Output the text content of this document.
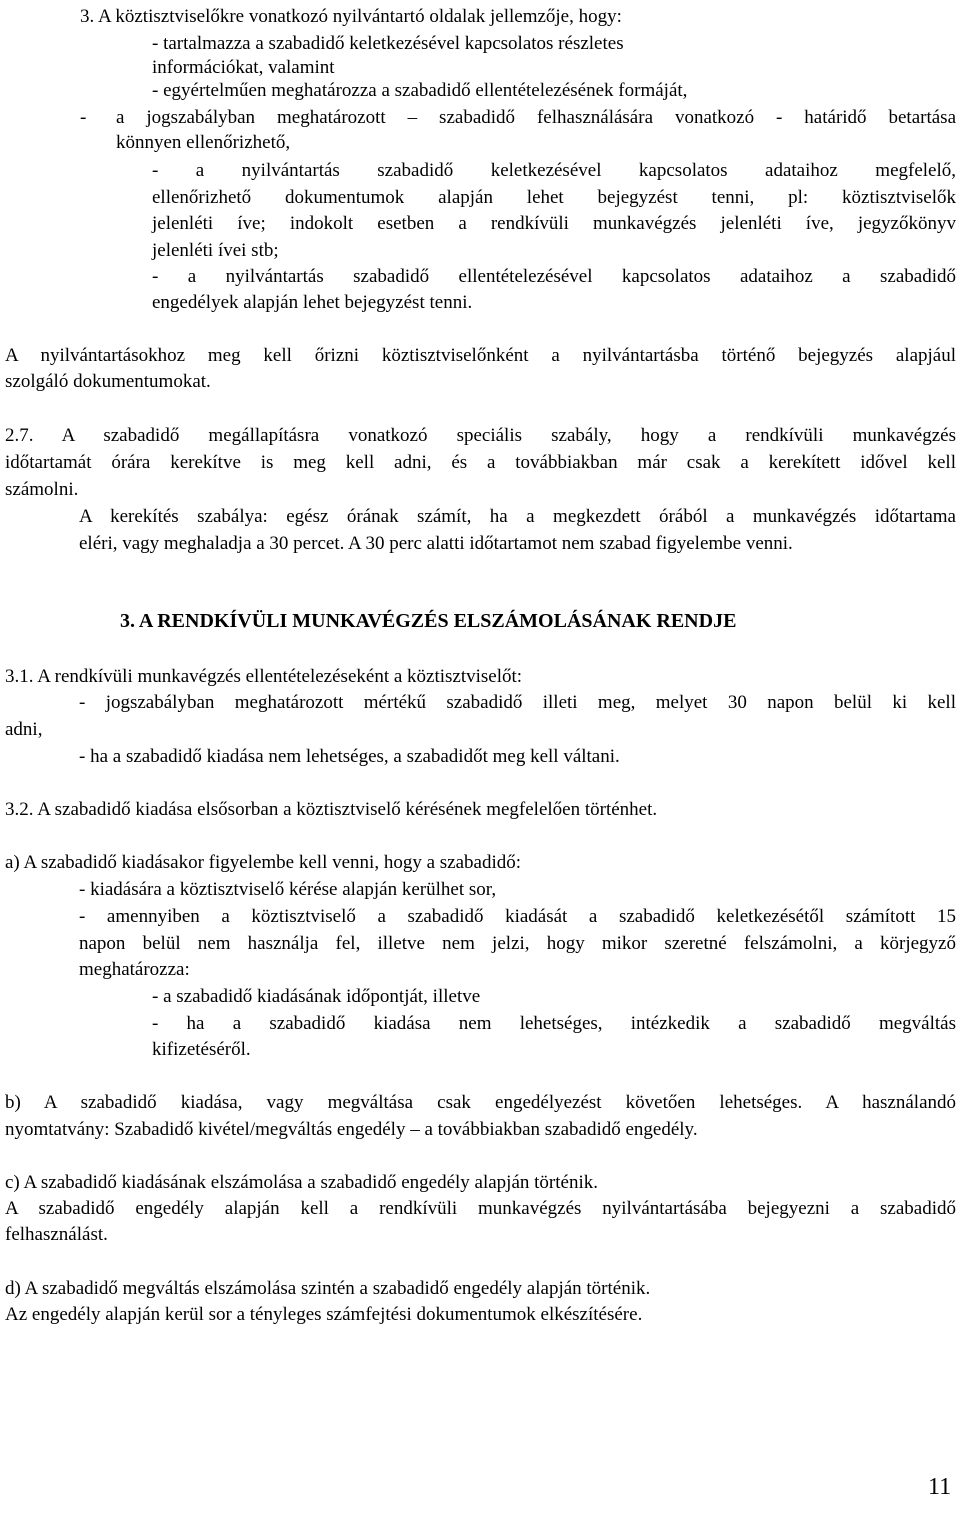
3. A köztisztviselőkre vonatkozó nyilvántartó oldalak jellemzője, hogy:
- tartalmazza a szabadidő keletkezésével kapcsolatos részletes
információkat, valamint
- egyértelműen meghatározza a szabadidő ellentételezésének formáját,
- a jogszabályban meghatározott – szabadidő felhasználására vonatkozó - határidő betartása
könnyen ellenőrizhető,
- a nyilvántartás szabadidő keletkezésével kapcsolatos adataihoz megfelelő,
ellenőrizhető dokumentumok alapján lehet bejegyzést tenni, pl: köztisztviselők
jelenléti íve; indokolt esetben a rendkívüli munkavégzés jelenléti íve, jegyzőkönyv
jelenléti ívei stb;
- a nyilvántartás szabadidő ellentételezésével kapcsolatos adataihoz a szabadidő
engedélyek alapján lehet bejegyzést tenni.
A nyilvántartásokhoz meg kell őrizni köztisztviselőnként a nyilvántartásba történő bejegyzés alapjául
szolgáló dokumentumokat.
2.7. A szabadidő megállapításra vonatkozó speciális szabály, hogy a rendkívüli munkavégzés
időtartamát órára kerekítve is meg kell adni, és a továbbiakban már csak a kerekített idővel kell
számolni.
A kerekítés szabálya: egész órának számít, ha a megkezdett órából a munkavégzés időtartama
eléri, vagy meghaladja a 30 percet. A 30 perc alatti időtartamot nem szabad figyelembe venni.
3. A RENDKÍVÜLI MUNKAVÉGZÉS ELSZÁMOLÁSÁNAK RENDJE
3.1. A rendkívüli munkavégzés ellentételezéseként a köztisztviselőt:
- jogszabályban meghatározott mértékű szabadidő illeti meg, melyet 30 napon belül ki kell
adni,
- ha a szabadidő kiadása nem lehetséges, a szabadidőt meg kell váltani.
3.2. A szabadidő kiadása elsősorban a köztisztviselő kérésének megfelelően történhet.
a) A szabadidő kiadásakor figyelembe kell venni, hogy a szabadidő:
- kiadására a köztisztviselő kérése alapján kerülhet sor,
- amennyiben a köztisztviselő a szabadidő kiadását a szabadidő keletkezésétől számított 15
napon belül nem használja fel, illetve nem jelzi, hogy mikor szeretné felszámolni, a körjegyző
meghatározza:
- a szabadidő kiadásának időpontját, illetve
- ha a szabadidő kiadása nem lehetséges, intézkedik a szabadidő megváltás
kifizetéséről.
b) A szabadidő kiadása, vagy megváltása csak engedélyezést követően lehetséges. A használandó
nyomtatvány: Szabadidő kivétel/megváltás engedély – a továbbiakban szabadidő engedély.
c) A szabadidő kiadásának elszámolása a szabadidő engedély alapján történik.
A szabadidő engedély alapján kell a rendkívüli munkavégzés nyilvántartásába bejegyezni a szabadidő
felhasználást.
d) A szabadidő megváltás elszámolása szintén a szabadidő engedély alapján történik.
Az engedély alapján kerül sor a tényleges számfejtési dokumentumok elkészítésére.
11
